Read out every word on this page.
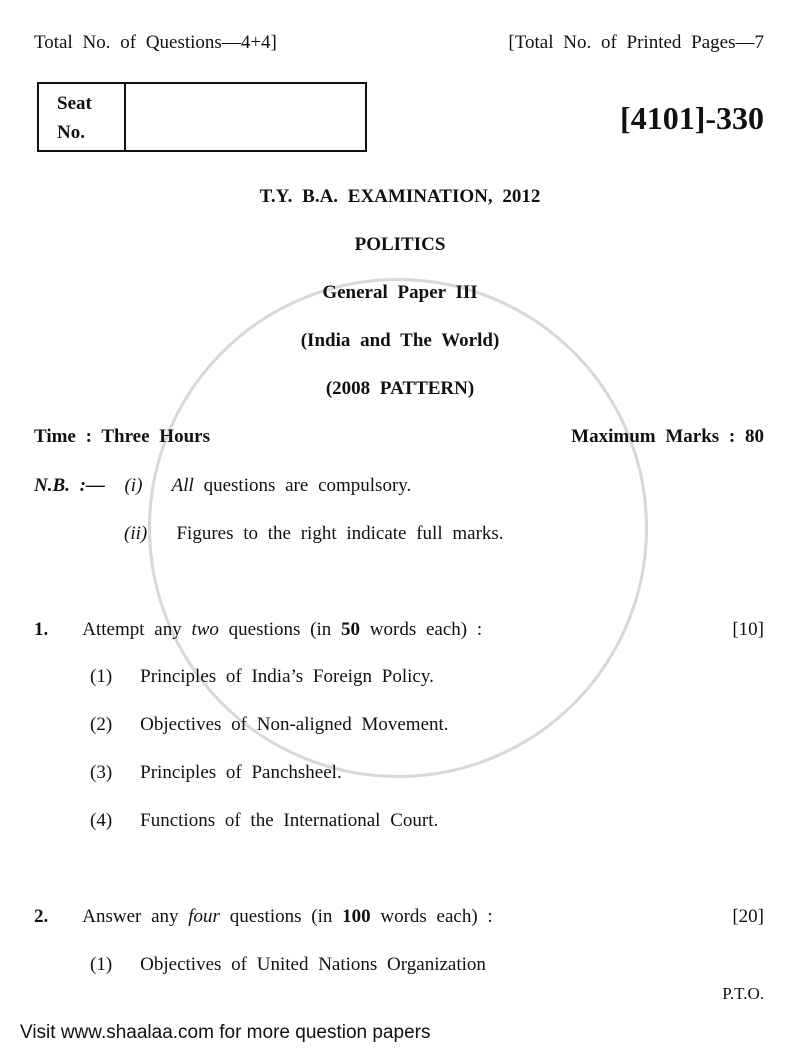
Total No. of Questions—4+4]	[Total No. of Printed Pages—7
Seat
No.	[4101]-330
T.Y. B.A. EXAMINATION, 2012
POLITICS
General Paper III
(India and The World)
(2008 PATTERN)
Time : Three Hours	Maximum Marks : 80
N.B. :— (i) All questions are compulsory.
(ii) Figures to the right indicate full marks.
1. Attempt any two questions (in 50 words each) :	[10]
(1) Principles of India’s Foreign Policy.
(2) Objectives of Non-aligned Movement.
(3) Principles of Panchsheel.
(4) Functions of the International Court.
2. Answer any four questions (in 100 words each) :	[20]
(1) Objectives of United Nations Organization
P.T.O.
Visit www.shaalaa.com for more question papers
